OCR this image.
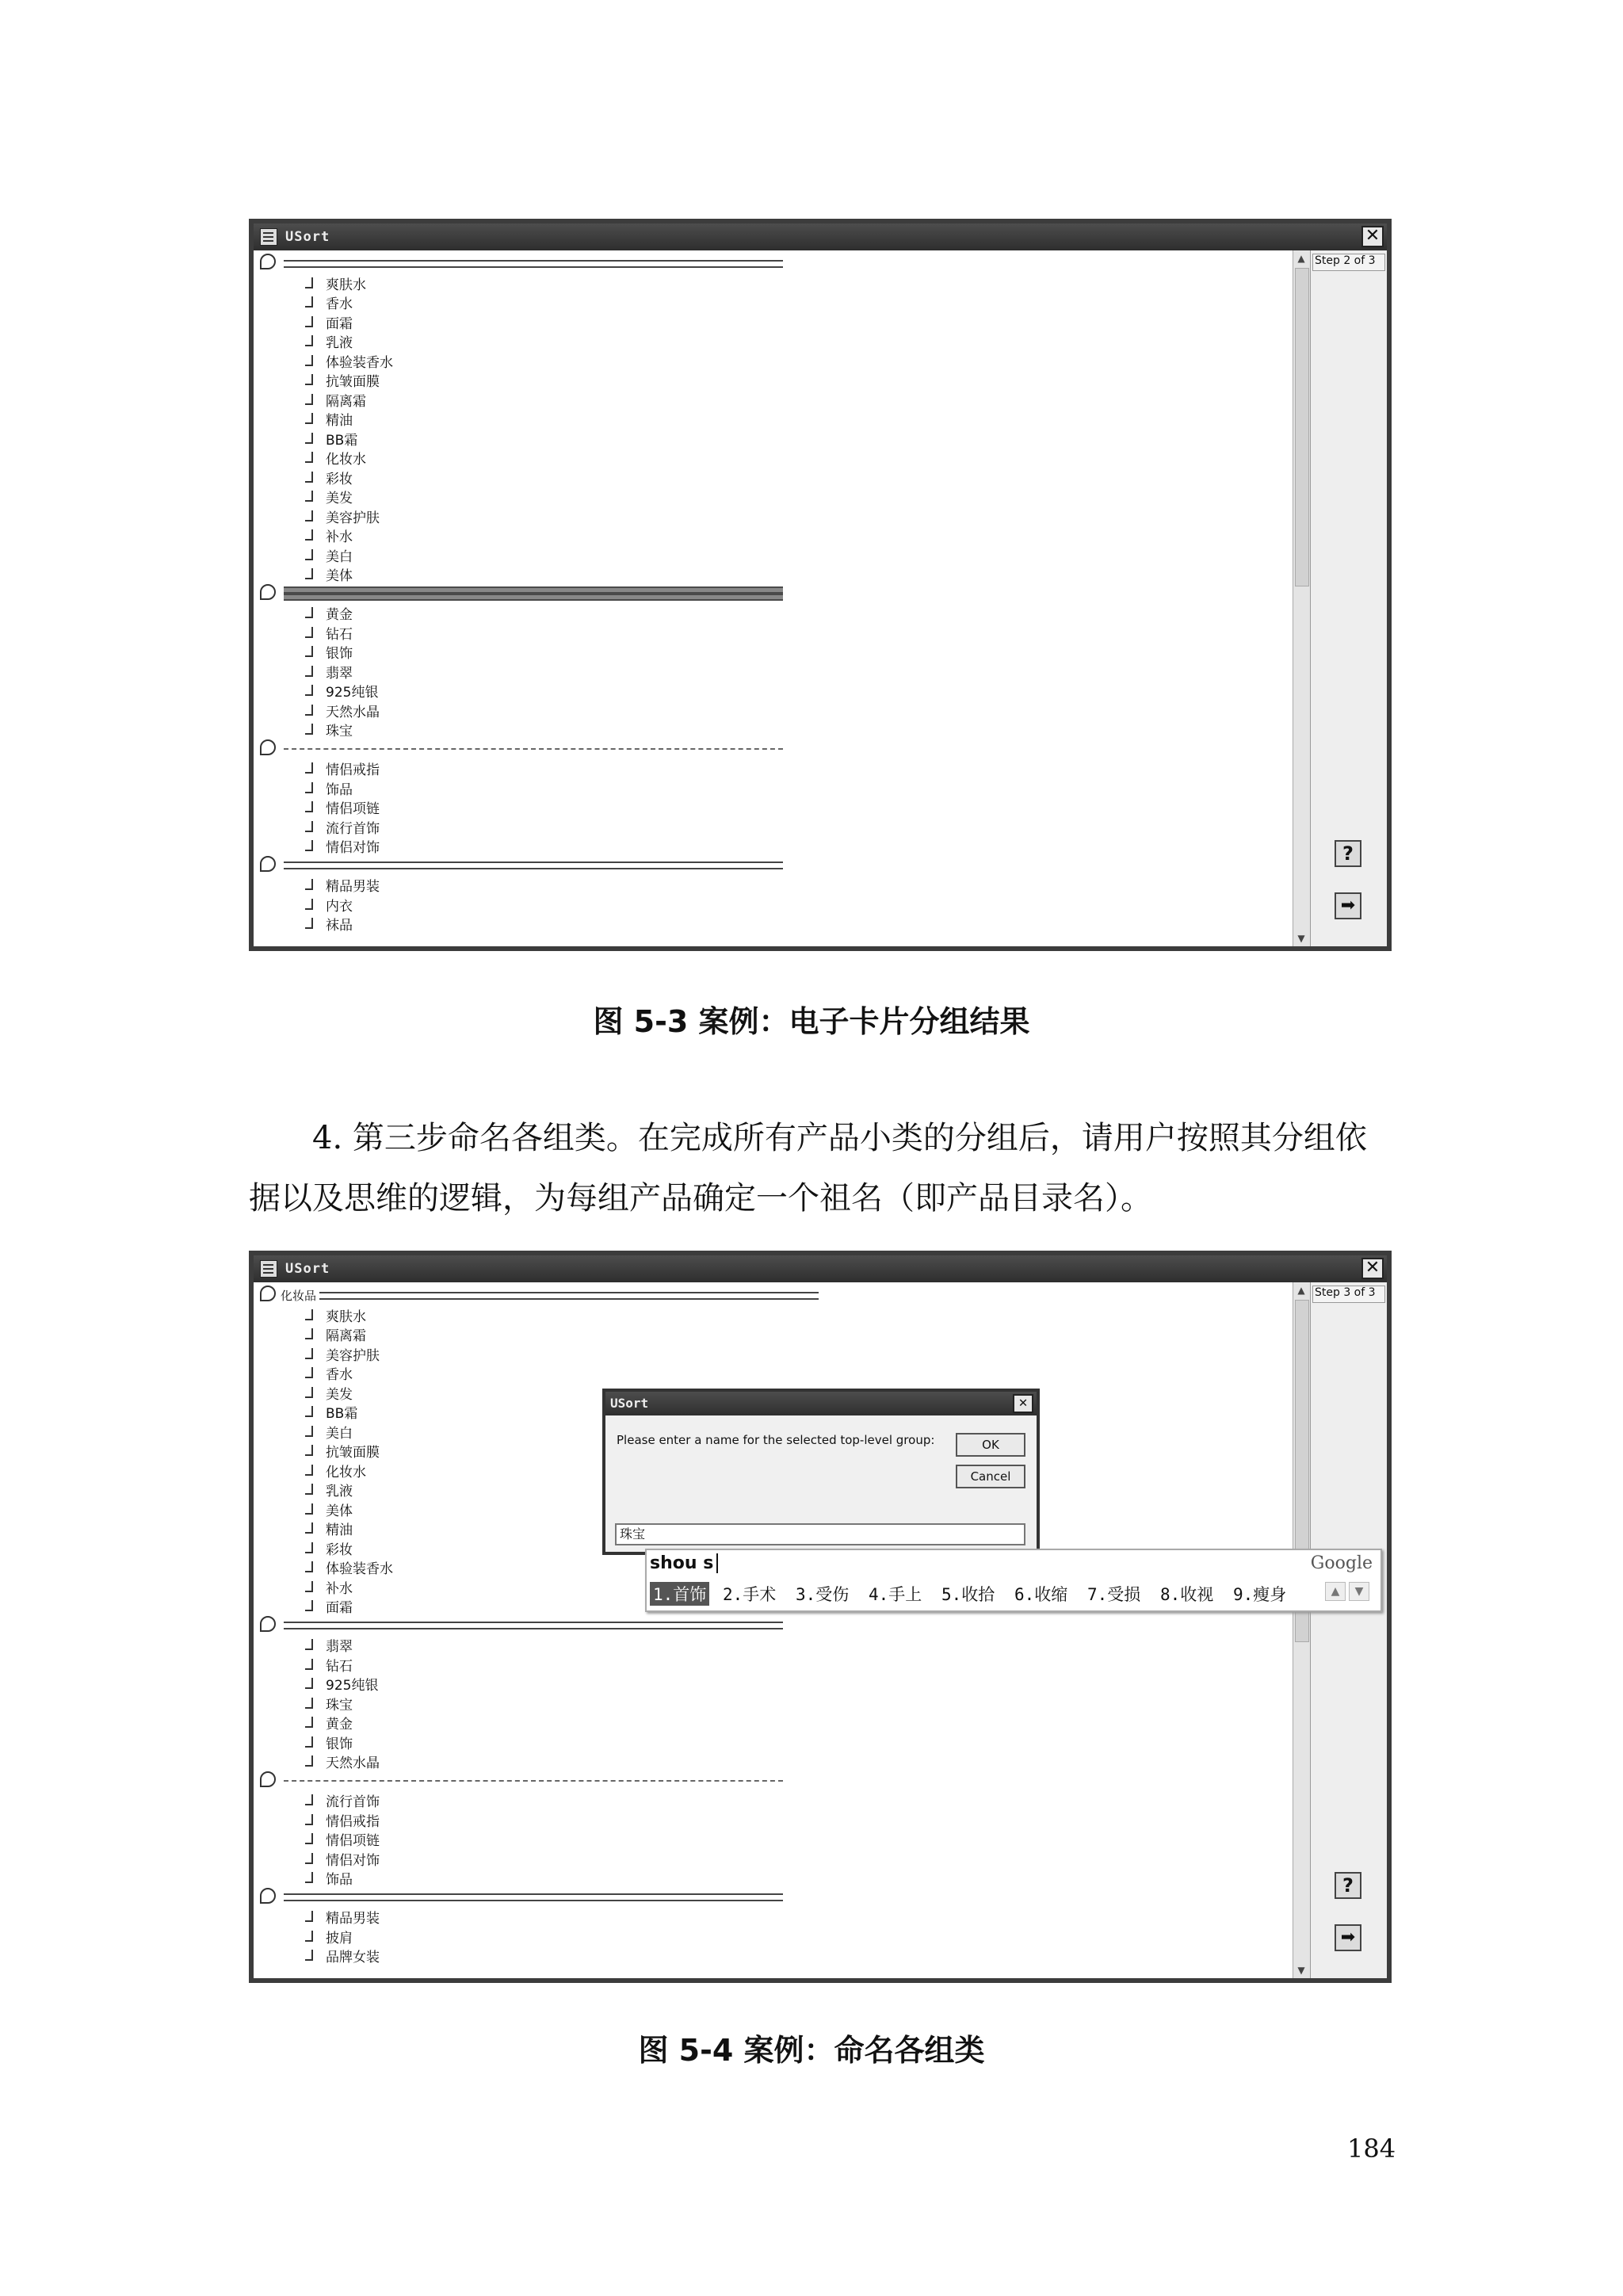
USort	✕
爽肤水
香水
面霜
乳液
体验装香水
抗皱面膜
隔离霜
精油
BB霜
化妆水
彩妆
美发
美容护肤
补水
美白
美体
黄金
钻石
银饰
翡翠
925纯银
天然水晶
珠宝
情侣戒指
饰品
情侣项链
流行首饰
情侣对饰
精品男装
内衣
袜品
▲
▼
Step 2 of 3
?
➡
图 5-3 案例：电子卡片分组结果
4. 第三步命名各组类。在完成所有产品小类的分组后，请用户按照其分组依
据以及思维的逻辑，为每组产品确定一个祖名（即产品目录名）。
USort	✕
化妆品
爽肤水
隔离霜
美容护肤
香水
美发
BB霜
美白
抗皱面膜
化妆水
乳液
美体
精油
彩妆
体验装香水
补水
面霜
翡翠
钻石
925纯银
珠宝
黄金
银饰
天然水晶
流行首饰
情侣戒指
情侣项链
情侣对饰
饰品
精品男装
披肩
品牌女装
▲
▼
Step 3 of 3
?
➡
USort	✕
Please enter a name for the selected top-level group:	OK
Cancel
珠宝
shou s	Google
1.首饰 2.手术 3.受伤 4.手上 5.收拾 6.收缩 7.受损 8.收视 9.瘦身	▲	▼
图 5-4 案例：命名各组类
184
